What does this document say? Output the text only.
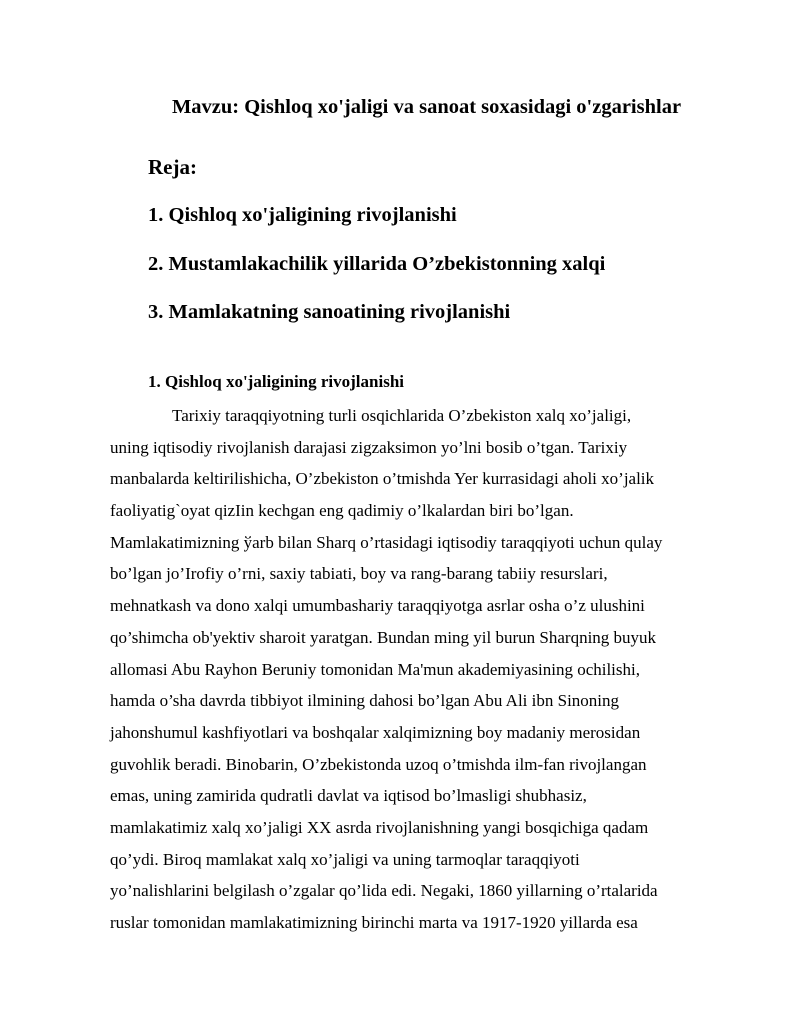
Mavzu: Qishloq xo'jaligi va sanoat soxasidagi o'zgarishlar
Reja:
1. Qishloq xo'jaligining rivojlanishi
2. Mustamlakachilik yillarida O’zbekistonning xalqi
3. Mamlakatning sanoatining rivojlanishi
1. Qishloq xo'jaligining rivojlanishi
Tarixiy taraqqiyotning turli osqichlarida O’zbekiston xalq xo’jaligi,
uning iqtisodiy rivojlanish darajasi zigzaksimon yo’lni bosib o’tgan. Tarixiy
manbalarda keltirilishicha, O’zbekiston o’tmishda Yer kurrasidagi aholi xo’jalik
faoliyatig`oyat qizIin kechgan eng qadimiy o’lkalardan biri bo’lgan.
Mamlakatimizning ўarb bilan Sharq o’rtasidagi iqtisodiy taraqqiyoti uchun qulay
bo’lgan jo’Irofiy o’rni, saxiy tabiati, boy va rang-barang tabiiy resurslari,
mehnatkash va dono xalqi umumbashariy taraqqiyotga asrlar osha o’z ulushini
qo’shimcha ob'yektiv sharoit yaratgan. Bundan ming yil burun Sharqning buyuk
allomasi Abu Rayhon Beruniy tomonidan Ma'mun akademiyasining ochilishi,
hamda o’sha davrda tibbiyot ilmining dahosi bo’lgan Abu Ali ibn Sinoning
jahonshumul kashfiyotlari va boshqalar xalqimizning boy madaniy merosidan
guvohlik beradi. Binobarin, O’zbekistonda uzoq o’tmishda ilm-fan rivojlangan
emas, uning zamirida qudratli davlat va iqtisod bo’lmasligi shubhasiz,
mamlakatimiz xalq xo’jaligi XX asrda rivojlanishning yangi bosqichiga qadam
qo’ydi. Biroq mamlakat xalq xo’jaligi va uning tarmoqlar taraqqiyoti
yo’nalishlarini belgilash o’zgalar qo’lida edi. Negaki, 1860 yillarning o’rtalarida
ruslar tomonidan mamlakatimizning birinchi marta va 1917-1920 yillarda esa
